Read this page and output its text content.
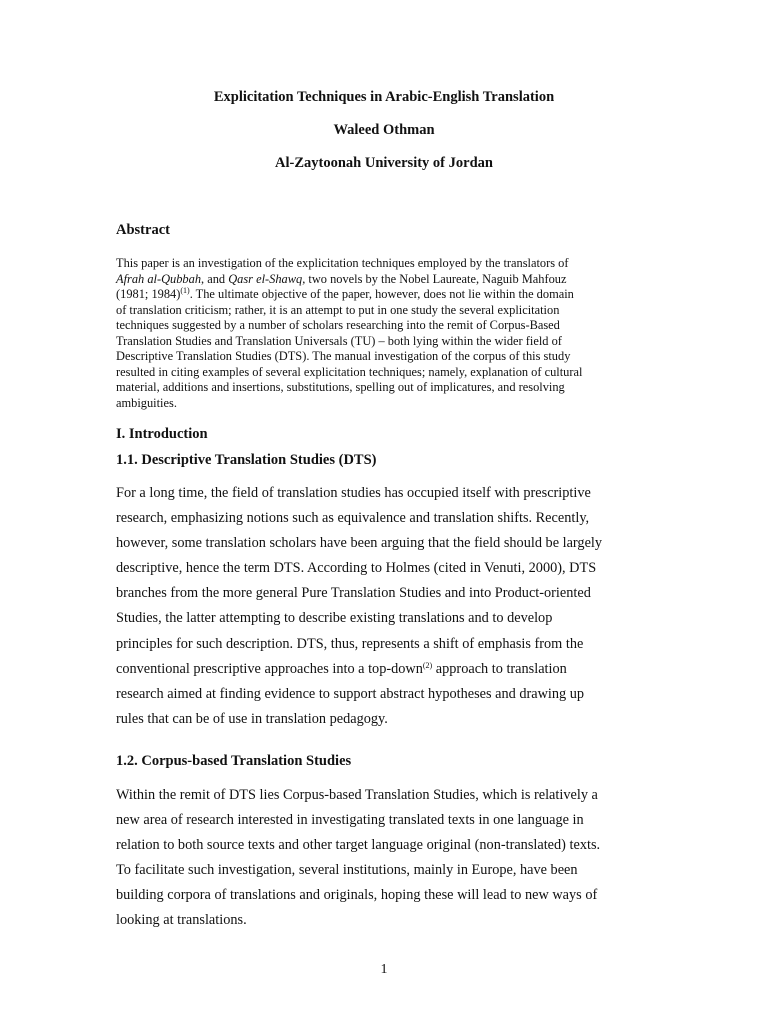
Explicitation Techniques in Arabic-English Translation
Waleed Othman
Al-Zaytoonah University of Jordan
Abstract
This paper is an investigation of the explicitation techniques employed by the translators of
Afrah al-Qubbah, and Qasr el-Shawq, two novels by the Nobel Laureate, Naguib Mahfouz
(1981; 1984)$^{(1)}$. The ultimate objective of the paper, however, does not lie within the domain
of translation criticism; rather, it is an attempt to put in one study the several explicitation
techniques suggested by a number of scholars researching into the remit of Corpus-Based
Translation Studies and Translation Universals (TU) – both lying within the wider field of
Descriptive Translation Studies (DTS). The manual investigation of the corpus of this study
resulted in citing examples of several explicitation techniques; namely, explanation of cultural
material, additions and insertions, substitutions, spelling out of implicatures, and resolving
ambiguities.
I. Introduction
1.1. Descriptive Translation Studies (DTS)
For a long time, the field of translation studies has occupied itself with prescriptive
research, emphasizing notions such as equivalence and translation shifts. Recently,
however, some translation scholars have been arguing that the field should be largely
descriptive, hence the term DTS. According to Holmes (cited in Venuti, 2000), DTS
branches from the more general Pure Translation Studies and into Product-oriented
Studies, the latter attempting to describe existing translations and to develop
principles for such description. DTS, thus, represents a shift of emphasis from the
conventional prescriptive approaches into a top-down$^{(2)}$ approach to translation
research aimed at finding evidence to support abstract hypotheses and drawing up
rules that can be of use in translation pedagogy.
1.2. Corpus-based Translation Studies
Within the remit of DTS lies Corpus-based Translation Studies, which is relatively a
new area of research interested in investigating translated texts in one language in
relation to both source texts and other target language original (non-translated) texts.
To facilitate such investigation, several institutions, mainly in Europe, have been
building corpora of translations and originals, hoping these will lead to new ways of
looking at translations.
1
